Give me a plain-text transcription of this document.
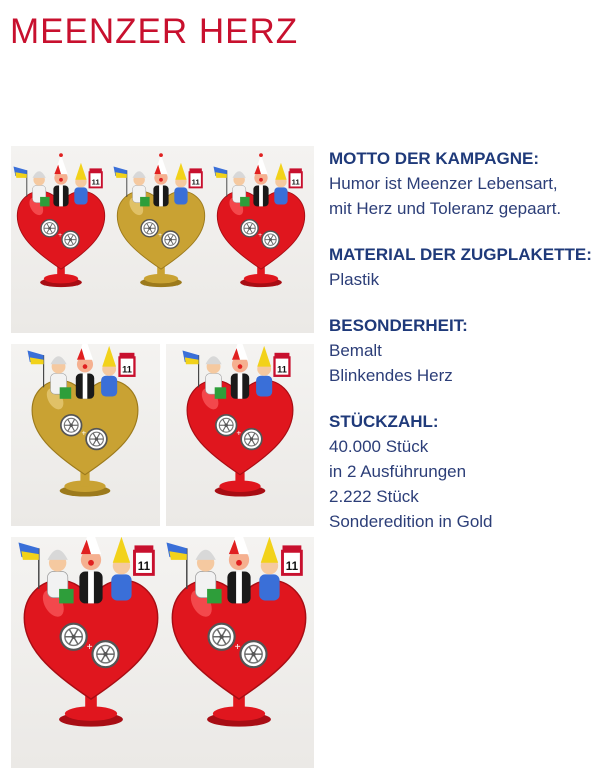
MEENZER HERZ
+
11
+
11
+
11
+
11
+
11
+
11
+
11
MOTTO DER KAMPAGNE:
Humor ist Meenzer Lebensart,
mit Herz und Toleranz gepaart.
MATERIAL DER ZUGPLAKETTE:
Plastik
BESONDERHEIT:
Bemalt
Blinkendes Herz
STÜCKZAHL:
40.000 Stück
in 2 Ausführungen
2.222 Stück
Sonderedition in Gold
